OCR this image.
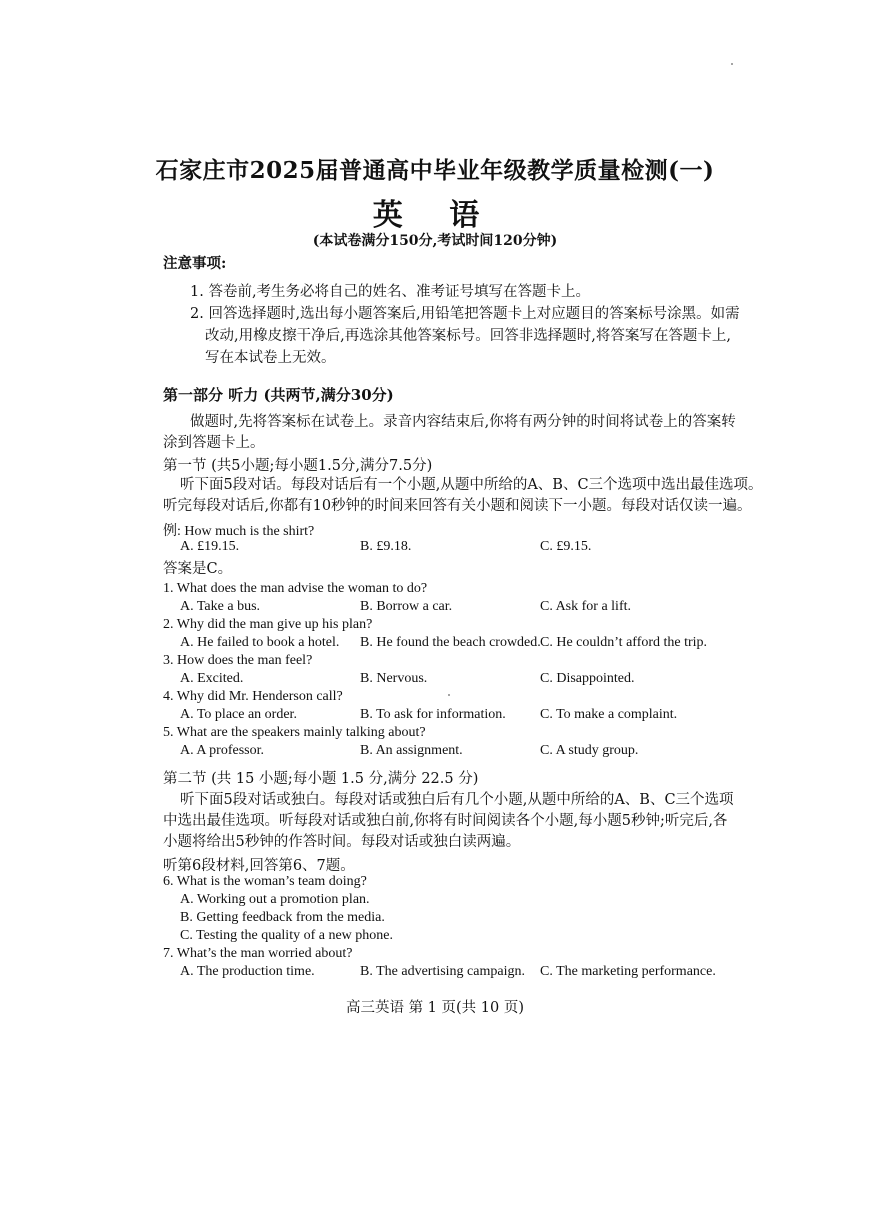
石家庄市2025届普通高中毕业年级教学质量检测(一)
英 语
(本试卷满分150分,考试时间120分钟)
注意事项:
1. 答卷前,考生务必将自己的姓名、准考证号填写在答题卡上。
2. 回答选择题时,选出每小题答案后,用铅笔把答题卡上对应题目的答案标号涂黑。如需
改动,用橡皮擦干净后,再选涂其他答案标号。回答非选择题时,将答案写在答题卡上,
写在本试卷上无效。
第一部分 听力 (共两节,满分30分)
做题时,先将答案标在试卷上。录音内容结束后,你将有两分钟的时间将试卷上的答案转
涂到答题卡上。
第一节 (共5小题;每小题1.5分,满分7.5分)
听下面5段对话。每段对话后有一个小题,从题中所给的A、B、C三个选项中选出最佳选项。
听完每段对话后,你都有10秒钟的时间来回答有关小题和阅读下一小题。每段对话仅读一遍。
例: How much is the shirt?
A. £19.15.	B. £9.18.	C. £9.15.
答案是C。
1. What does the man advise the woman to do?
A. Take a bus.	B. Borrow a car.	C. Ask for a lift.
2. Why did the man give up his plan?
A. He failed to book a hotel. B. He found the beach crowded. C. He couldn’t afford the trip.
3. How does the man feel?
A. Excited.	B. Nervous.	C. Disappointed.
4. Why did Mr. Henderson call?
A. To place an order.	B. To ask for information. C. To make a complaint.
5. What are the speakers mainly talking about?
A. A professor.	B. An assignment.	C. A study group.
第二节 (共 15 小题;每小题 1.5 分,满分 22.5 分)
听下面5段对话或独白。每段对话或独白后有几个小题,从题中所给的A、B、C三个选项
中选出最佳选项。听每段对话或独白前,你将有时间阅读各个小题,每小题5秒钟;听完后,各
小题将给出5秒钟的作答时间。每段对话或独白读两遍。
听第6段材料,回答第6、7题。
6. What is the woman’s team doing?
A. Working out a promotion plan.
B. Getting feedback from the media.
C. Testing the quality of a new phone.
7. What’s the man worried about?
A. The production time.	B. The advertising campaign. C. The marketing performance.
高三英语 第 1 页(共 10 页)
